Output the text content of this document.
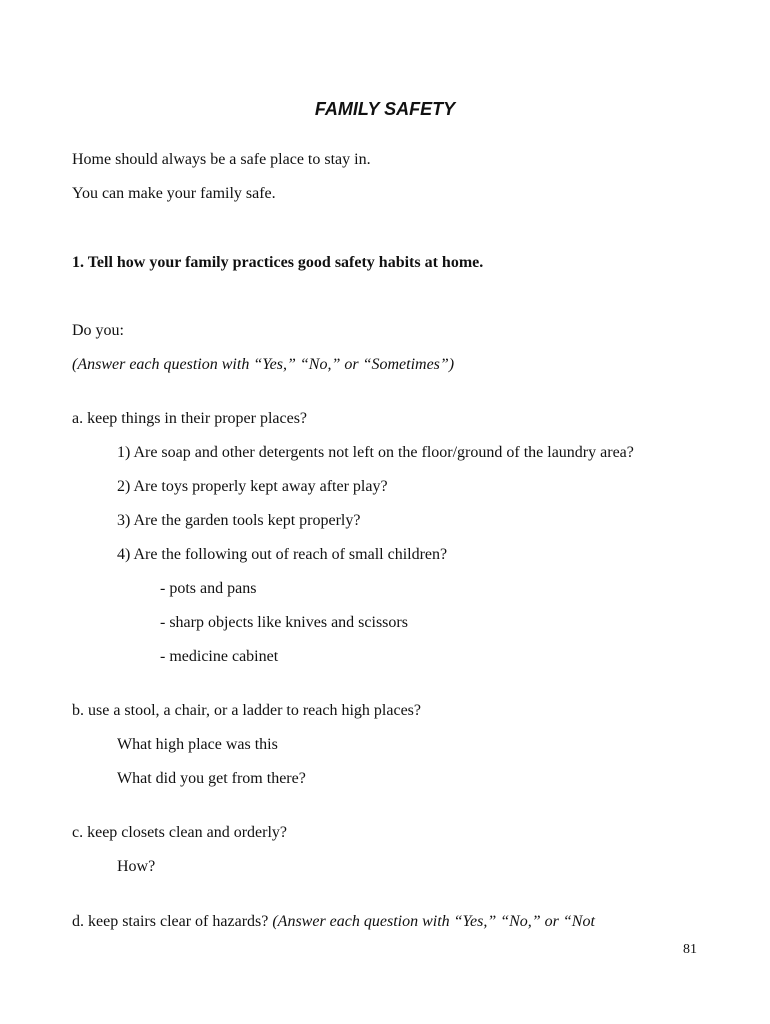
FAMILY SAFETY
Home should always be a safe place to stay in.
You can make your family safe.
1. Tell how your family practices good safety habits at home.
Do you:
(Answer each question with “Yes,” “No,” or “Sometimes”)
a. keep things in their proper places?
1) Are soap and other detergents not left on the floor/ground of the laundry area?
2) Are toys properly kept away after play?
3) Are the garden tools kept properly?
4) Are the following out of reach of small children?
- pots and pans
- sharp objects like knives and scissors
- medicine cabinet
b. use a stool, a chair, or a ladder to reach high places?
What high place was this
What did you get from there?
c. keep closets clean and orderly?
How?
d. keep stairs clear of hazards? (Answer each question with “Yes,” “No,” or “Not
81
